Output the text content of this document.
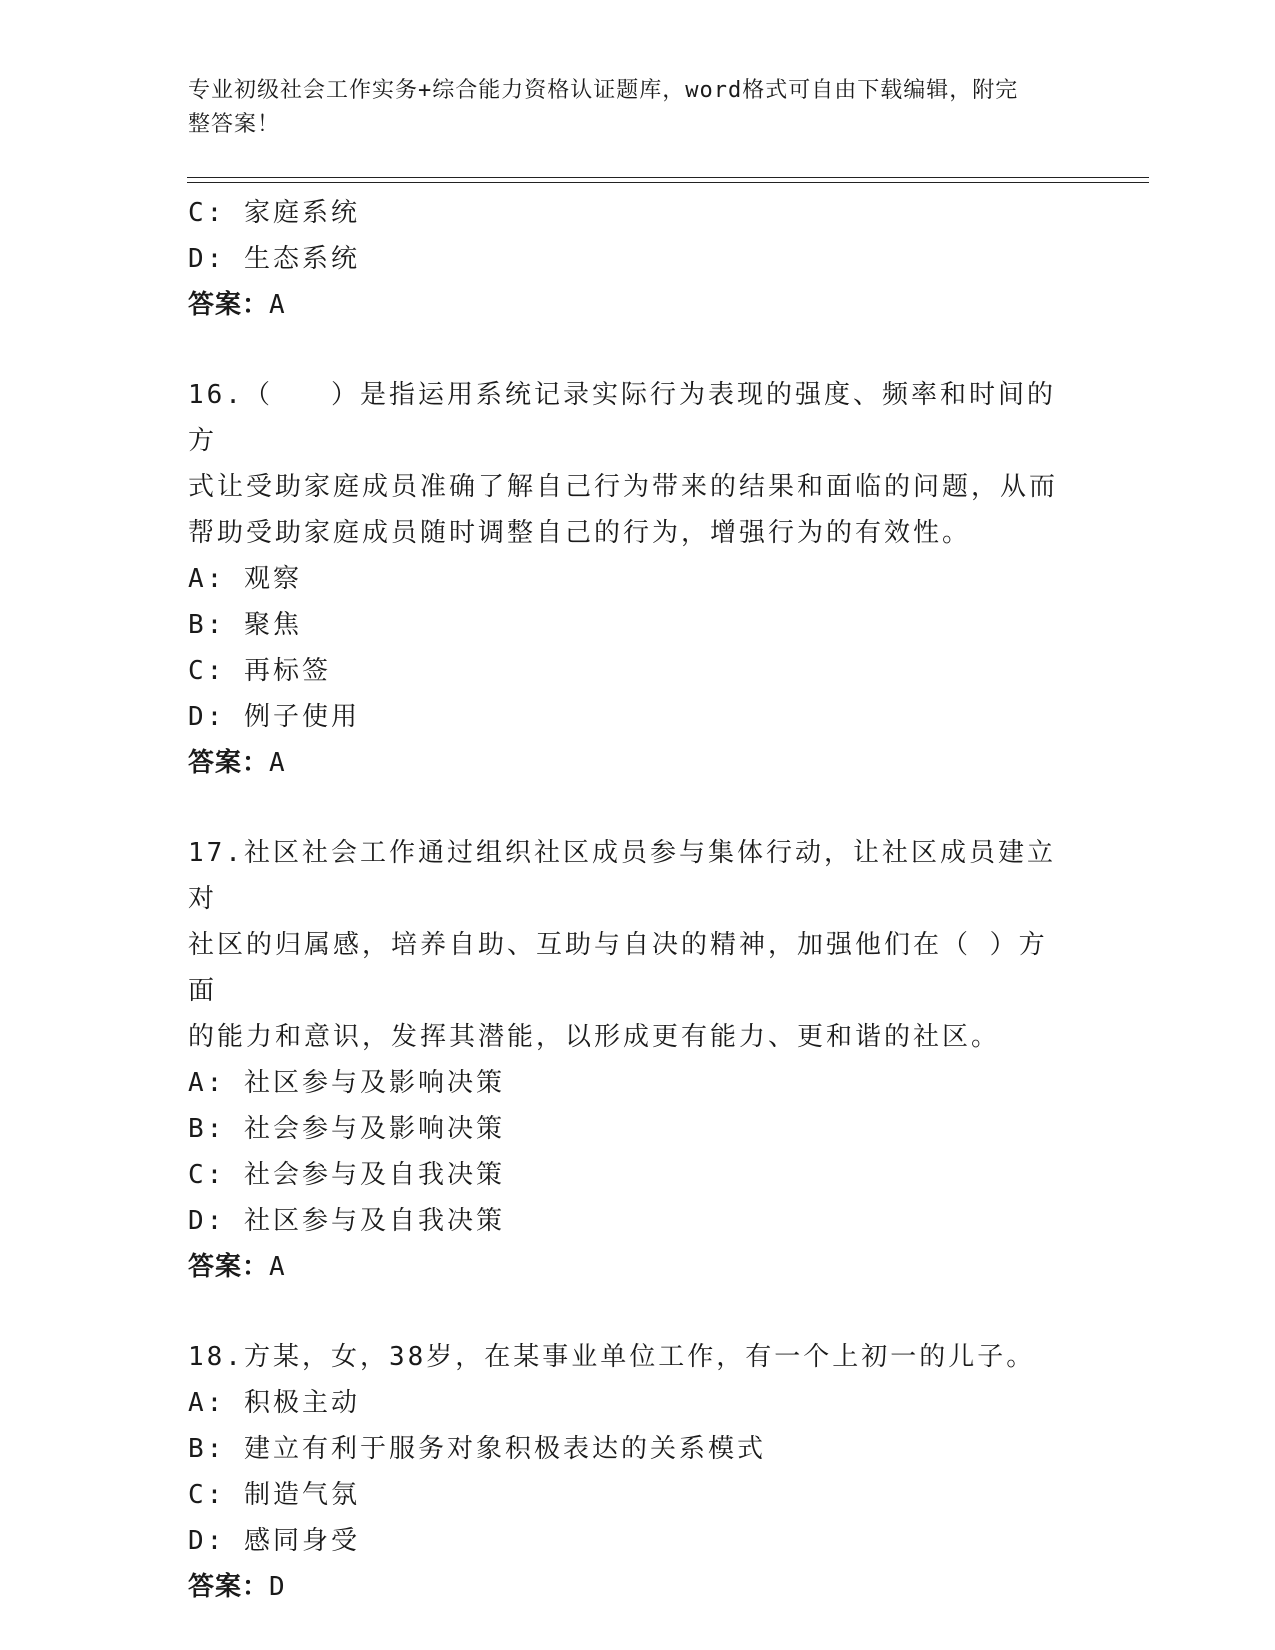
专业初级社会工作实务+综合能力资格认证题库，word格式可自由下载编辑，附完
整答案！
C: 家庭系统
D: 生态系统
答案：A
16.（　　）是指运用系统记录实际行为表现的强度、频率和时间的方
式让受助家庭成员准确了解自己行为带来的结果和面临的问题，从而
帮助受助家庭成员随时调整自己的行为，增强行为的有效性。
A: 观察
B: 聚焦
C: 再标签
D: 例子使用
答案：A
17.社区社会工作通过组织社区成员参与集体行动，让社区成员建立对
社区的归属感，培养自助、互助与自决的精神，加强他们在（ ）方面
的能力和意识，发挥其潜能，以形成更有能力、更和谐的社区。
A: 社区参与及影响决策
B: 社会参与及影响决策
C: 社会参与及自我决策
D: 社区参与及自我决策
答案：A
18.方某，女，38岁，在某事业单位工作，有一个上初一的儿子。
A: 积极主动
B: 建立有利于服务对象积极表达的关系模式
C: 制造气氛
D: 感同身受
答案：D
